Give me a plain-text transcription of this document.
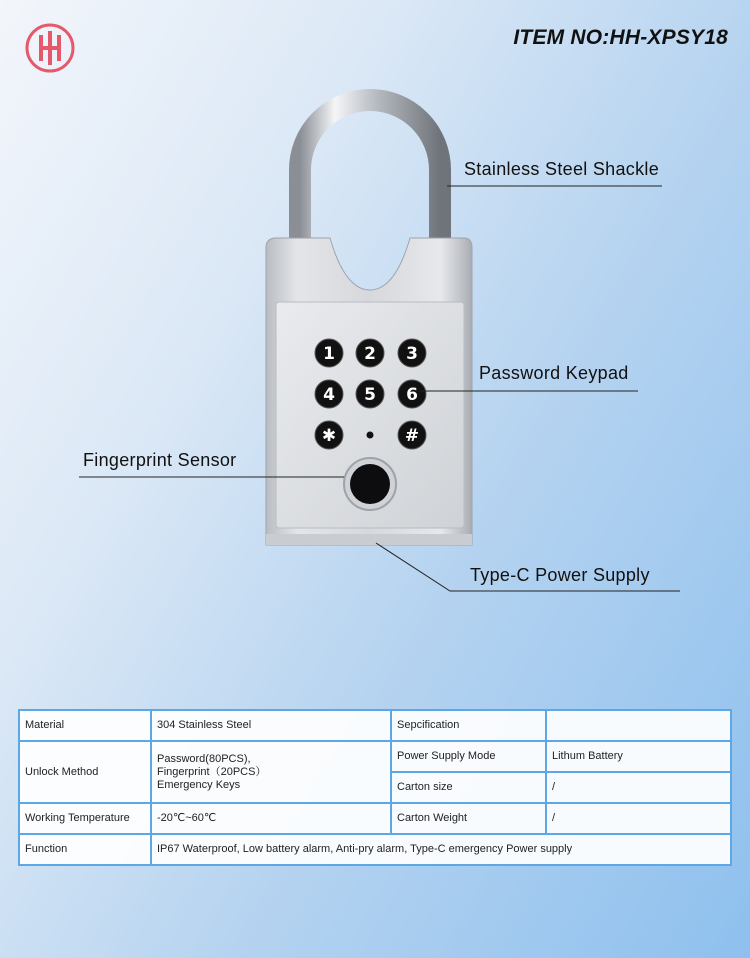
ITEM NO:HH-XPSY18
1 2 3
4 5 6
✱	#
Stainless Steel Shackle
Password Keypad
Fingerprint Sensor
Type-C Power Supply
Material	304 Stainless Steel	Sepcification	
Unlock Method	Password(80PCS),
Fingerprint（20PCS）
Emergency Keys	Power Supply Mode	Lithum Battery
		Carton size	/
Working Temperature	-20℃~60℃	Carton Weight	/
Function	IP67 Waterproof, Low battery alarm, Anti-pry alarm, Type-C emergency Power supply		
